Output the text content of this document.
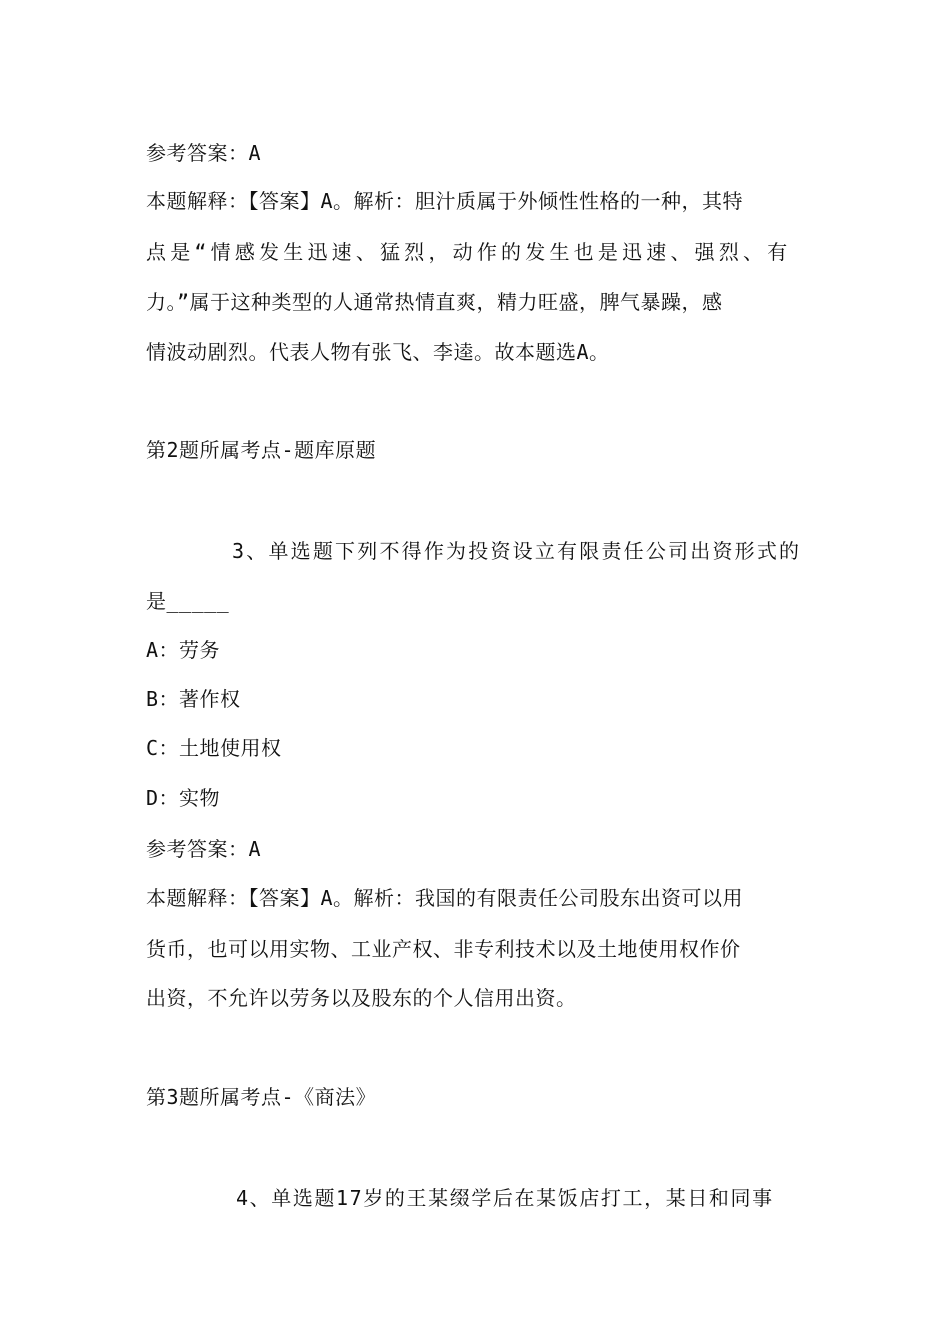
参考答案：A
本题解释：【答案】A。解析：胆汁质属于外倾性性格的一种，其特
点是“情感发生迅速、猛烈，动作的发生也是迅速、强烈、有
力。”属于这种类型的人通常热情直爽，精力旺盛，脾气暴躁，感
情波动剧烈。代表人物有张飞、李逵。故本题选A。
第2题所属考点-题库原题
3、单选题下列不得作为投资设立有限责任公司出资形式的
是_____
A：劳务
B：著作权
C：土地使用权
D：实物
参考答案：A
本题解释：【答案】A。解析：我国的有限责任公司股东出资可以用
货币，也可以用实物、工业产权、非专利技术以及土地使用权作价
出资，不允许以劳务以及股东的个人信用出资。
第3题所属考点-《商法》
4、单选题17岁的王某缀学后在某饭店打工，某日和同事
